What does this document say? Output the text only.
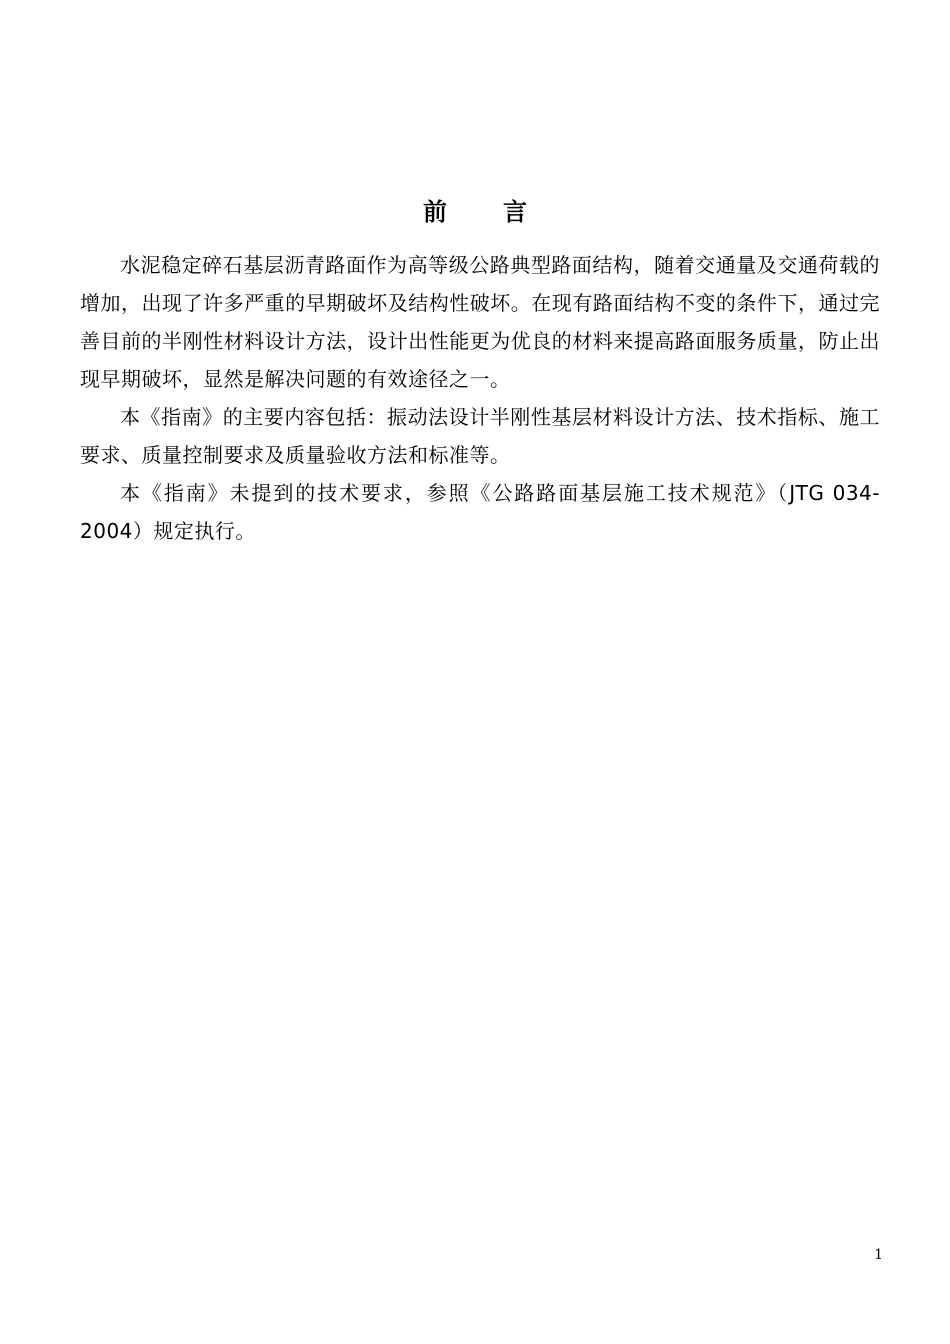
前 言

水泥稳定碎石基层沥青路面作为高等级公路典型路面结构，随着交通量及交通荷载的增加，出现了许多严重的早期破坏及结构性破坏。在现有路面结构不变的条件下，通过完善目前的半刚性材料设计方法，设计出性能更为优良的材料来提高路面服务质量，防止出现早期破坏，显然是解决问题的有效途径之一。

本《指南》的主要内容包括：振动法设计半刚性基层材料设计方法、技术指标、施工要求、质量控制要求及质量验收方法和标准等。

本《指南》未提到的技术要求，参照《公路路面基层施工技术规范》（JTG 034-2004）规定执行。

1
